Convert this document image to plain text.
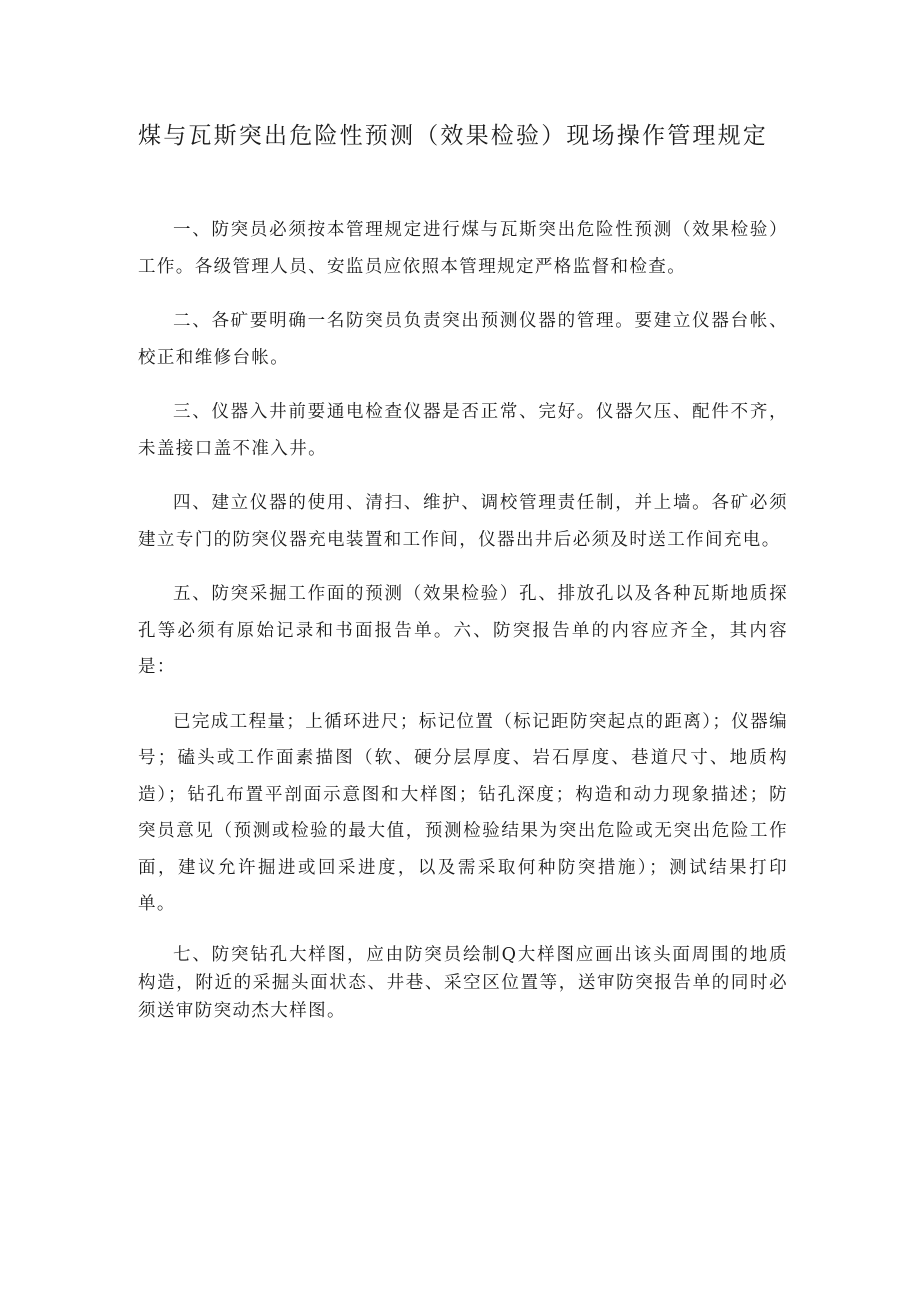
煤与瓦斯突出危险性预测（效果检验）现场操作管理规定

一、防突员必须按本管理规定进行煤与瓦斯突出危险性预测（效果检验）工作。各级管理人员、安监员应依照本管理规定严格监督和检查。

二、各矿要明确一名防突员负责突出预测仪器的管理。要建立仪器台帐、校正和维修台帐。

三、仪器入井前要通电检查仪器是否正常、完好。仪器欠压、配件不齐，未盖接口盖不准入井。

四、建立仪器的使用、清扫、维护、调校管理责任制，并上墙。各矿必须建立专门的防突仪器充电装置和工作间，仪器出井后必须及时送工作间充电。

五、防突采掘工作面的预测（效果检验）孔、排放孔以及各种瓦斯地质探孔等必须有原始记录和书面报告单。六、防突报告单的内容应齐全，其内容是：

已完成工程量；上循环进尺；标记位置（标记距防突起点的距离）；仪器编号；磕头或工作面素描图（软、硬分层厚度、岩石厚度、巷道尺寸、地质构造）；钻孔布置平剖面示意图和大样图；钻孔深度；构造和动力现象描述；防突员意见（预测或检验的最大值，预测检验结果为突出危险或无突出危险工作面，建议允许掘进或回采进度，以及需采取何种防突措施）；测试结果打印单。

七、防突钻孔大样图，应由防突员绘制Q大样图应画出该头面周围的地质构造，附近的采掘头面状态、井巷、采空区位置等，送审防突报告单的同时必须送审防突动杰大样图。
